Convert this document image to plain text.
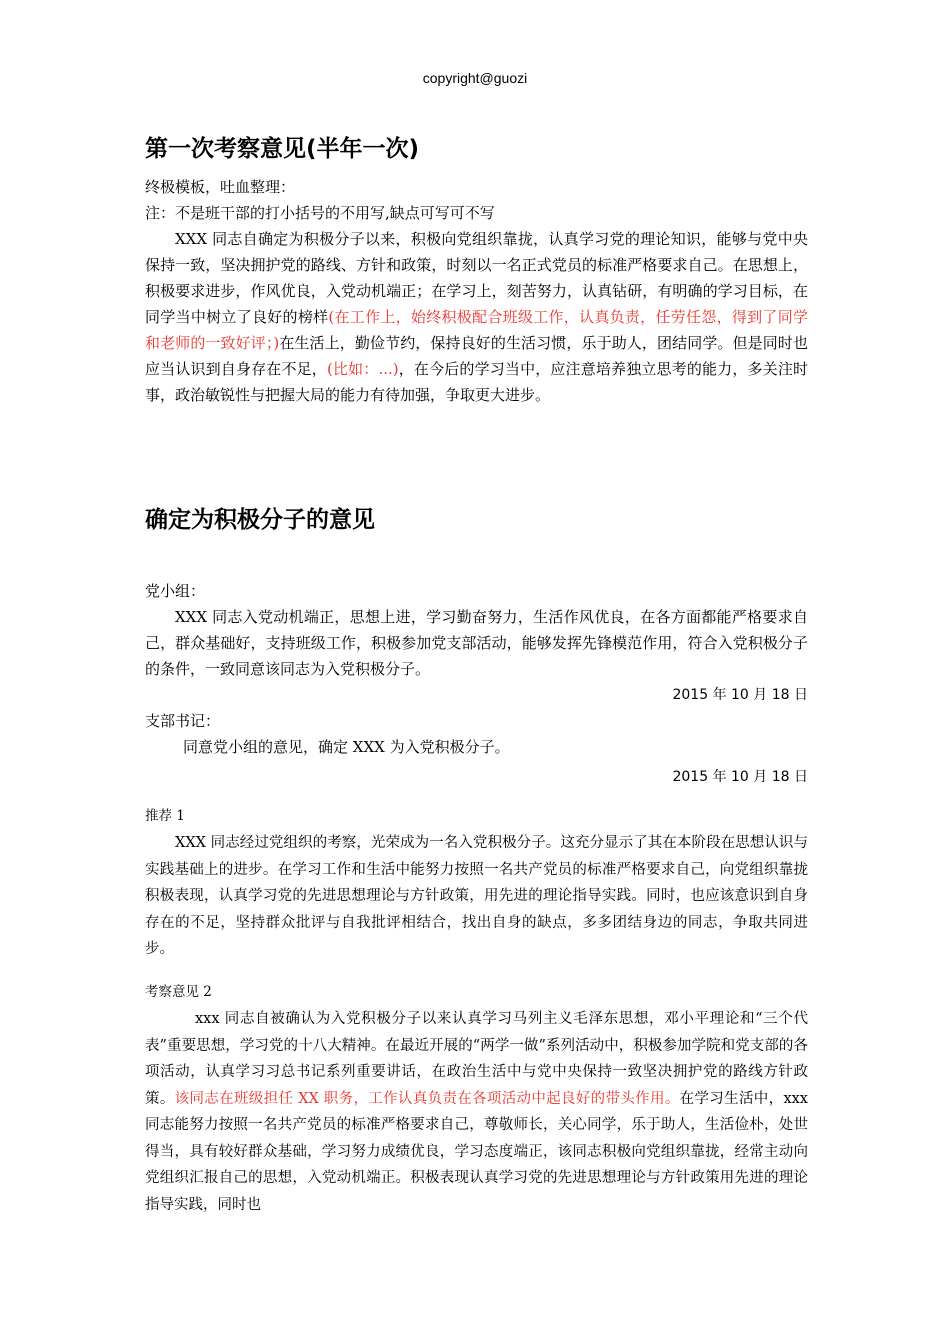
copyright@guozi
第一次考察意见(半年一次)

终极模板，吐血整理：

注：不是班干部的打小括号的不用写,缺点可写可不写

XXX 同志自确定为积极分子以来，积极向党组织靠拢，认真学习党的理论知识，能够与党中央保持一致，坚决拥护党的路线、方针和政策，时刻以一名正式党员的标准严格要求自己。在思想上，积极要求进步，作风优良，入党动机端正；在学习上，刻苦努力，认真钻研，有明确的学习目标，在同学当中树立了良好的榜样(在工作上，始终积极配合班级工作，认真负责，任劳任怨，得到了同学和老师的一致好评；)在生活上，勤俭节约，保持良好的生活习惯，乐于助人，团结同学。但是同时也应当认识到自身存在不足，(比如：...)，在今后的学习当中，应注意培养独立思考的能力，多关注时事，政治敏锐性与把握大局的能力有待加强，争取更大进步。

确定为积极分子的意见

党小组：

XXX 同志入党动机端正，思想上进，学习勤奋努力，生活作风优良，在各方面都能严格要求自己，群众基础好，支持班级工作，积极参加党支部活动，能够发挥先锋模范作用，符合入党积极分子的条件，一致同意该同志为入党积极分子。

2015 年 10 月 18 日

支部书记：

同意党小组的意见，确定 XXX 为入党积极分子。

2015 年 10 月 18 日

推荐 1

XXX 同志经过党组织的考察，光荣成为一名入党积极分子。这充分显示了其在本阶段在思想认识与实践基础上的进步。在学习工作和生活中能努力按照一名共产党员的标准严格要求自己，向党组织靠拢积极表现，认真学习党的先进思想理论与方针政策，用先进的理论指导实践。同时，也应该意识到自身存在的不足，坚持群众批评与自我批评相结合，找出自身的缺点，多多团结身边的同志，争取共同进步。

考察意见 2

xxx 同志自被确认为入党积极分子以来认真学习马列主义毛泽东思想，邓小平理论和“三个代表”重要思想，学习党的十八大精神。在最近开展的“两学一做”系列活动中，积极参加学院和党支部的各项活动，认真学习习总书记系列重要讲话，在政治生活中与党中央保持一致坚决拥护党的路线方针政策。该同志在班级担任 XX 职务，工作认真负责在各项活动中起良好的带头作用。在学习生活中，xxx 同志能努力按照一名共产党员的标准严格要求自己，尊敬师长，关心同学，乐于助人，生活俭朴，处世得当，具有较好群众基础，学习努力成绩优良，学习态度端正，该同志积极向党组织靠拢，经常主动向党组织汇报自己的思想，入党动机端正。积极表现认真学习党的先进思想理论与方针政策用先进的理论指导实践，同时也
